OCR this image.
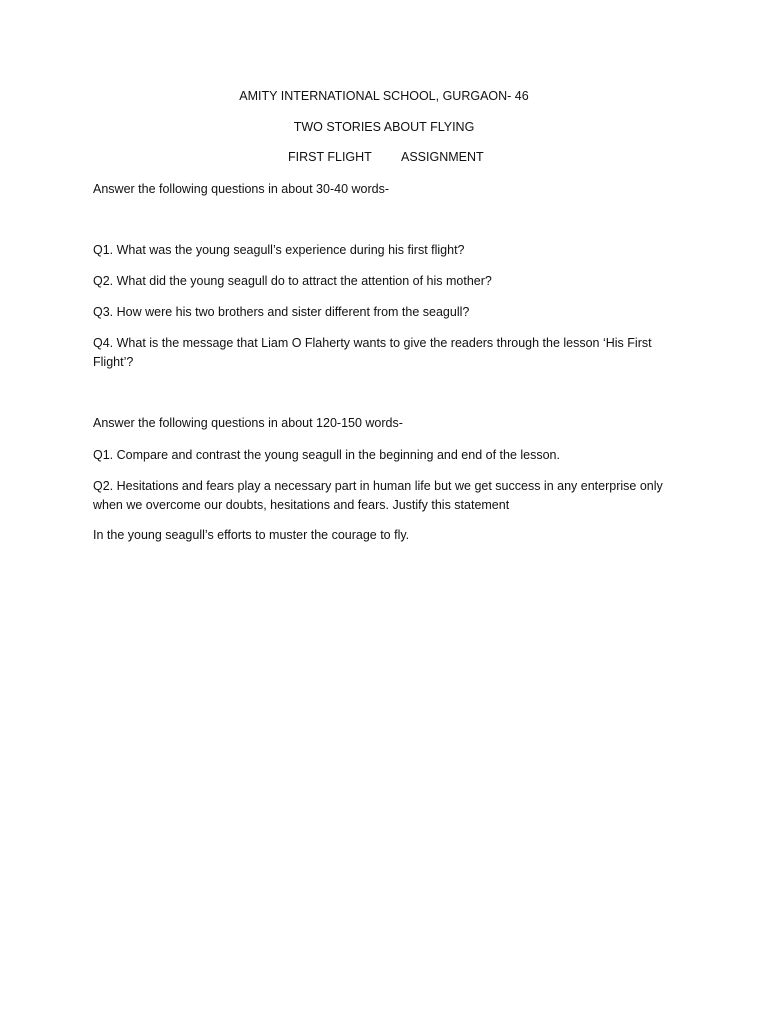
AMITY INTERNATIONAL SCHOOL, GURGAON- 46
TWO STORIES ABOUT FLYING
FIRST FLIGHT ASSIGNMENT
Answer the following questions in about 30-40 words-
Q1. What was the young seagull’s experience during his first flight?
Q2. What did the young seagull do to attract the attention of his mother?
Q3. How were his two brothers and sister different from the seagull?
Q4. What is the message that Liam O Flaherty wants to give the readers through the lesson ‘His First Flight’?
Answer the following questions in about 120-150 words-
Q1. Compare and contrast the young seagull in the beginning and end of the lesson.
Q2. Hesitations and fears play a necessary part in human life but we get success in any enterprise only when we overcome our doubts, hesitations and fears. Justify this statement
In the young seagull’s efforts to muster the courage to fly.
